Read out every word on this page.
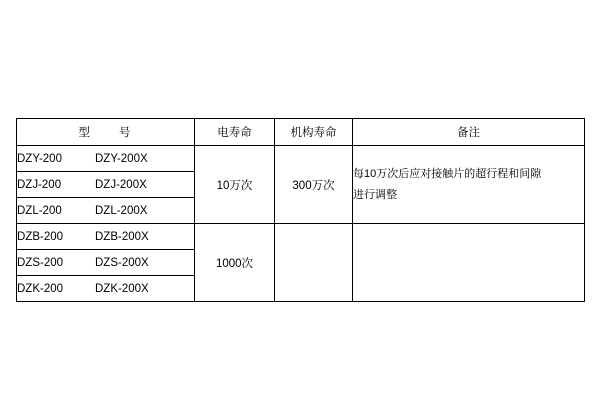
型　　号	电寿命	机构寿命	备注

DZY-200 DZY-200X	10万次	300万次	每10万次后应对接触片的超行程和间隙
进行调整

DZJ-200 DZJ-200X			

DZL-200 DZL-200X			

DZB-200 DZB-200X	1000次		

DZS-200 DZS-200X			

DZK-200 DZK-200X			
